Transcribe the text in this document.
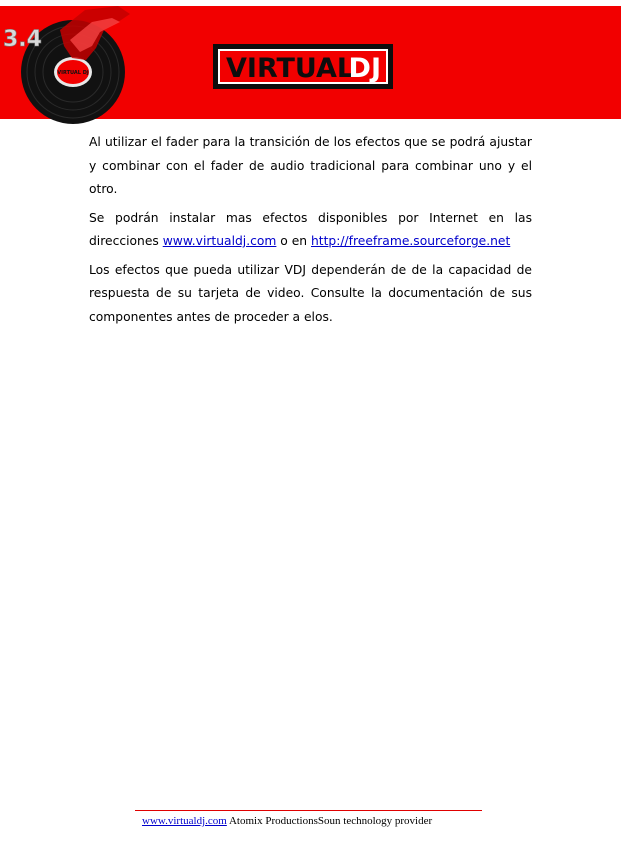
VIRTUAL DJ
3.4
VIRTUAL
DJ

Al utilizar el fader para la transición de los efectos que se podrá ajustar y combinar con el fader de audio tradicional para combinar uno y el otro.

Se podrán instalar mas efectos disponibles por Internet en las direcciones www.virtualdj.com o en http://freeframe.sourceforge.net

Los efectos que pueda utilizar VDJ dependerán de de la capacidad de respuesta de su tarjeta de video. Consulte la documentación de sus componentes antes de proceder a elos.

www.virtualdj.com Atomix ProductionsSoun technology provider
